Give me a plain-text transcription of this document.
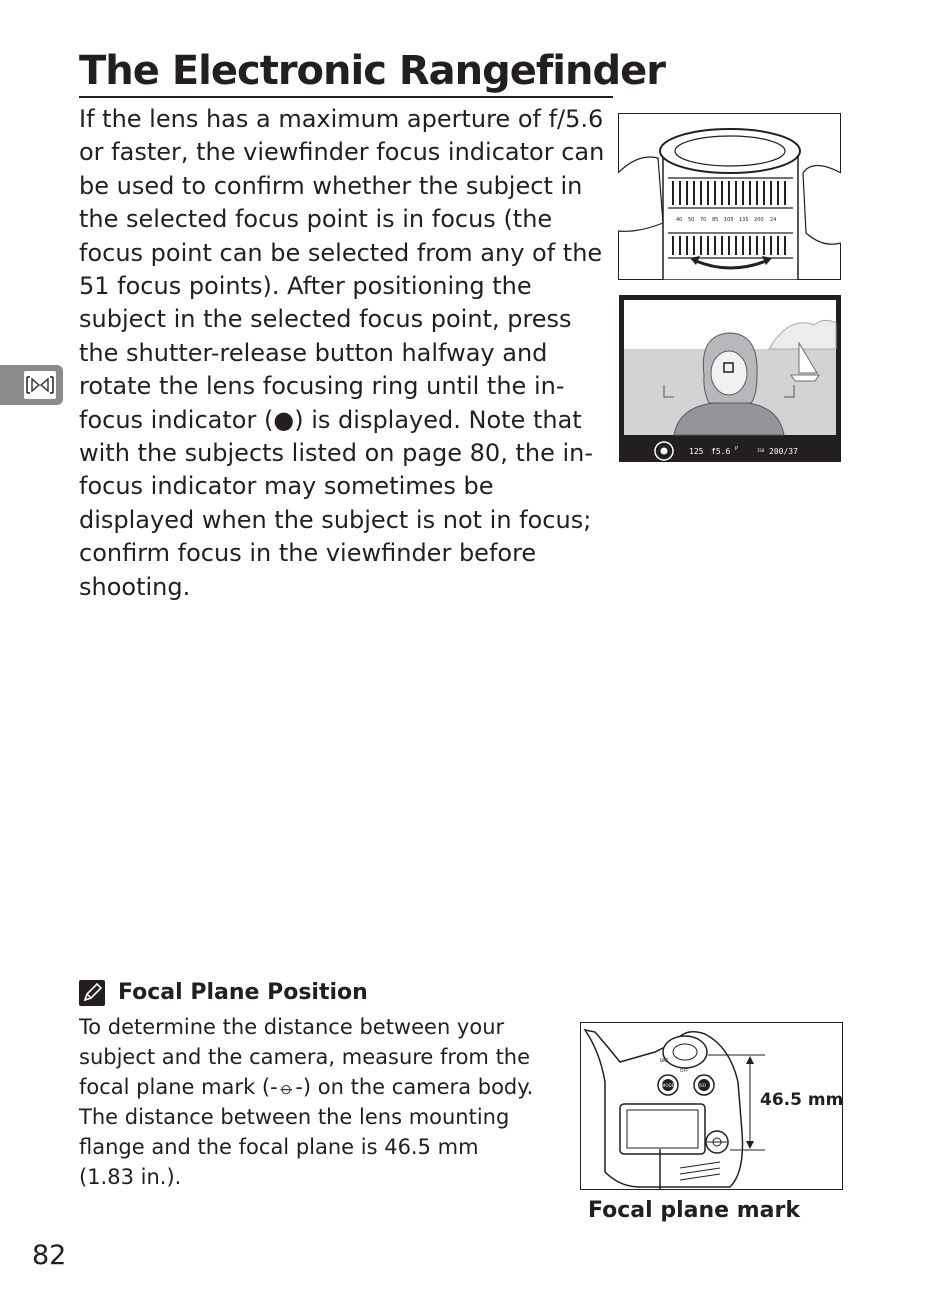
The Electronic Rangefinder
If the lens has a maximum aperture of f/5.6
or faster, the viewfinder focus indicator can
be used to confirm whether the subject in
the selected focus point is in focus (the
focus point can be selected from any of the
51 focus points). After positioning the
subject in the selected focus point, press
the shutter-release button halfway and
rotate the lens focusing ring until the in-
focus indicator (●) is displayed. Note that
with the subjects listed on page 80, the in-
focus indicator may sometimes be
displayed when the subject is not in focus;
confirm focus in the viewfinder before
shooting.
40 50 70 85 105 135 200 24
125 f5.6 P	ISO 200/37

Focal Plane Position

To determine the distance between your
subject and the camera, measure from the
focal plane mark (-⦵-) on the camera body.
The distance between the lens mounting
flange and the focal plane is 46.5 mm
(1.83 in.).
BKT
OFF
MODE	ISO
46.5 mm
Focal plane mark
82
